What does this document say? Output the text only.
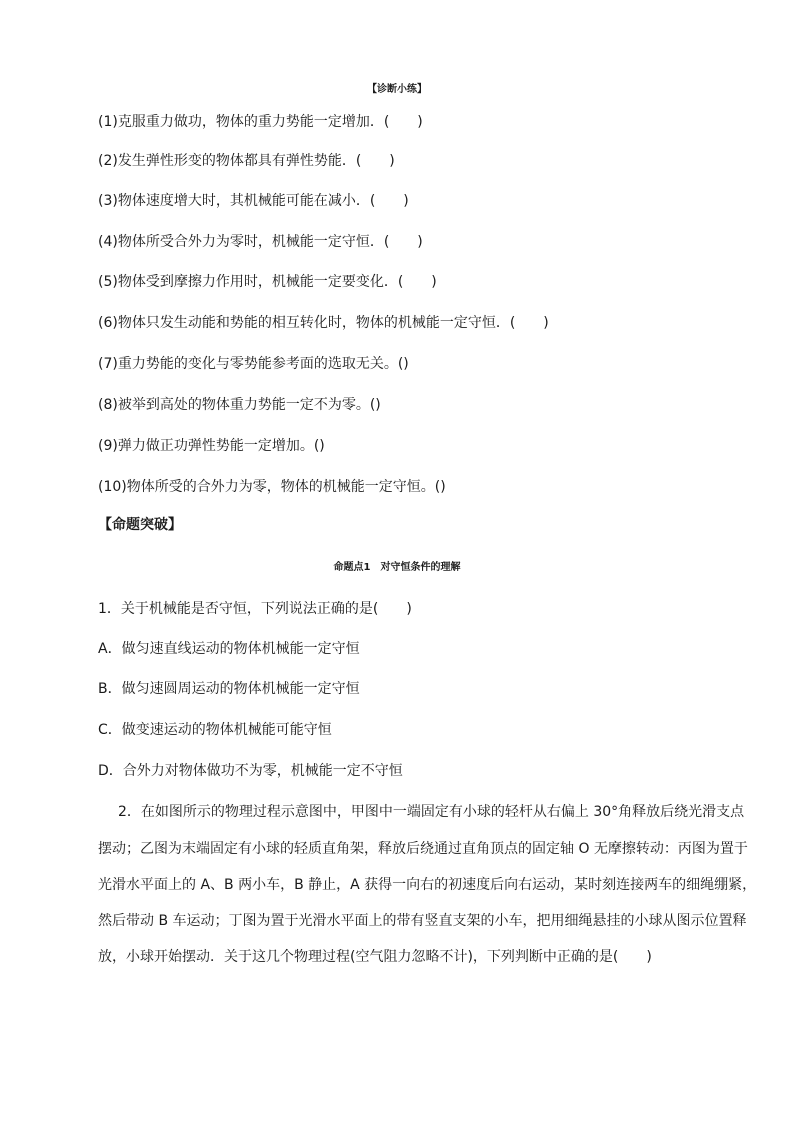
【诊断小练】
(1)克服重力做功，物体的重力势能一定增加．(　　)
(2)发生弹性形变的物体都具有弹性势能．(　　)
(3)物体速度增大时，其机械能可能在减小．(　　)
(4)物体所受合外力为零时，机械能一定守恒．(　　)
(5)物体受到摩擦力作用时，机械能一定要变化．(　　)
(6)物体只发生动能和势能的相互转化时，物体的机械能一定守恒．(　　)
(7)重力势能的变化与零势能参考面的选取无关。()
(8)被举到高处的物体重力势能一定不为零。()
(9)弹力做正功弹性势能一定增加。()
(10)物体所受的合外力为零，物体的机械能一定守恒。()
【命题突破】
命题点1　对守恒条件的理解
1．关于机械能是否守恒，下列说法正确的是(　　)
A．做匀速直线运动的物体机械能一定守恒
B．做匀速圆周运动的物体机械能一定守恒
C．做变速运动的物体机械能可能守恒
D．合外力对物体做功不为零，机械能一定不守恒
2．在如图所示的物理过程示意图中，甲图中一端固定有小球的轻杆从右偏上 30°角释放后绕光滑支点
摆动；乙图为末端固定有小球的轻质直角架，释放后绕通过直角顶点的固定轴 O 无摩擦转动：丙图为置于
光滑水平面上的 A、B 两小车，B 静止，A 获得一向右的初速度后向右运动，某时刻连接两车的细绳绷紧，
然后带动 B 车运动；丁图为置于光滑水平面上的带有竖直支架的小车，把用细绳悬挂的小球从图示位置释
放，小球开始摆动．关于这几个物理过程(空气阻力忽略不计)，下列判断中正确的是(　　)
